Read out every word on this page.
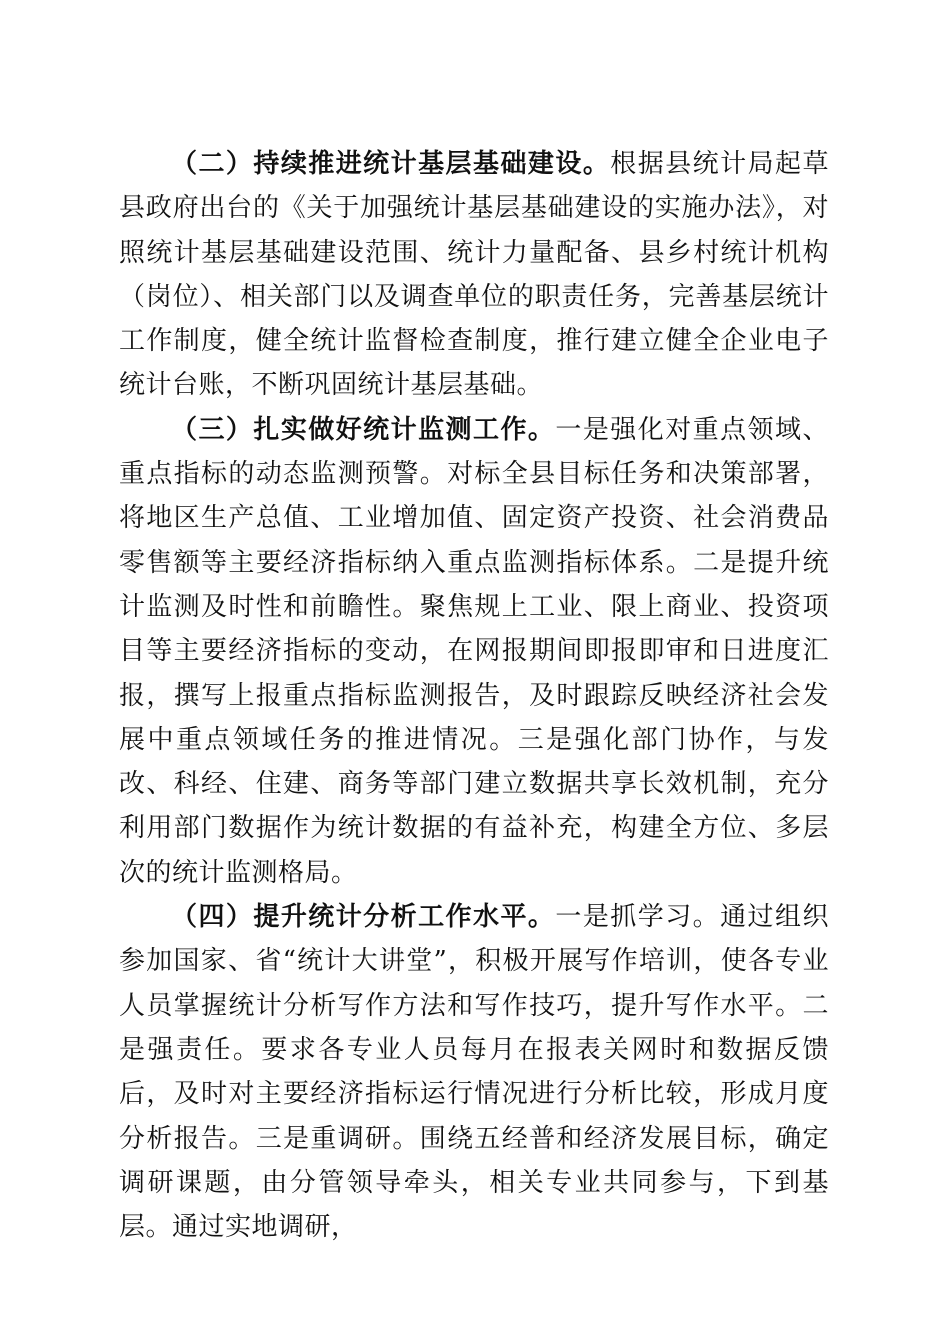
（二）持续推进统计基层基础建设。根据县统计局起草县政府出台的《关于加强统计基层基础建设的实施办法》，对照统计基层基础建设范围、统计力量配备、县乡村统计机构（岗位）、相关部门以及调查单位的职责任务，完善基层统计工作制度，健全统计监督检查制度，推行建立健全企业电子统计台账，不断巩固统计基层基础。

（三）扎实做好统计监测工作。一是强化对重点领域、重点指标的动态监测预警。对标全县目标任务和决策部署，将地区生产总值、工业增加值、固定资产投资、社会消费品零售额等主要经济指标纳入重点监测指标体系。二是提升统计监测及时性和前瞻性。聚焦规上工业、限上商业、投资项目等主要经济指标的变动，在网报期间即报即审和日进度汇报，撰写上报重点指标监测报告，及时跟踪反映经济社会发展中重点领域任务的推进情况。三是强化部门协作，与发改、科经、住建、商务等部门建立数据共享长效机制，充分利用部门数据作为统计数据的有益补充，构建全方位、多层次的统计监测格局。

（四）提升统计分析工作水平。一是抓学习。通过组织参加国家、省“统计大讲堂”，积极开展写作培训，使各专业人员掌握统计分析写作方法和写作技巧，提升写作水平。二是强责任。要求各专业人员每月在报表关网时和数据反馈后，及时对主要经济指标运行情况进行分析比较，形成月度分析报告。三是重调研。围绕五经普和经济发展目标，确定调研课题，由分管领导牵头，相关专业共同参与，下到基层。通过实地调研，
